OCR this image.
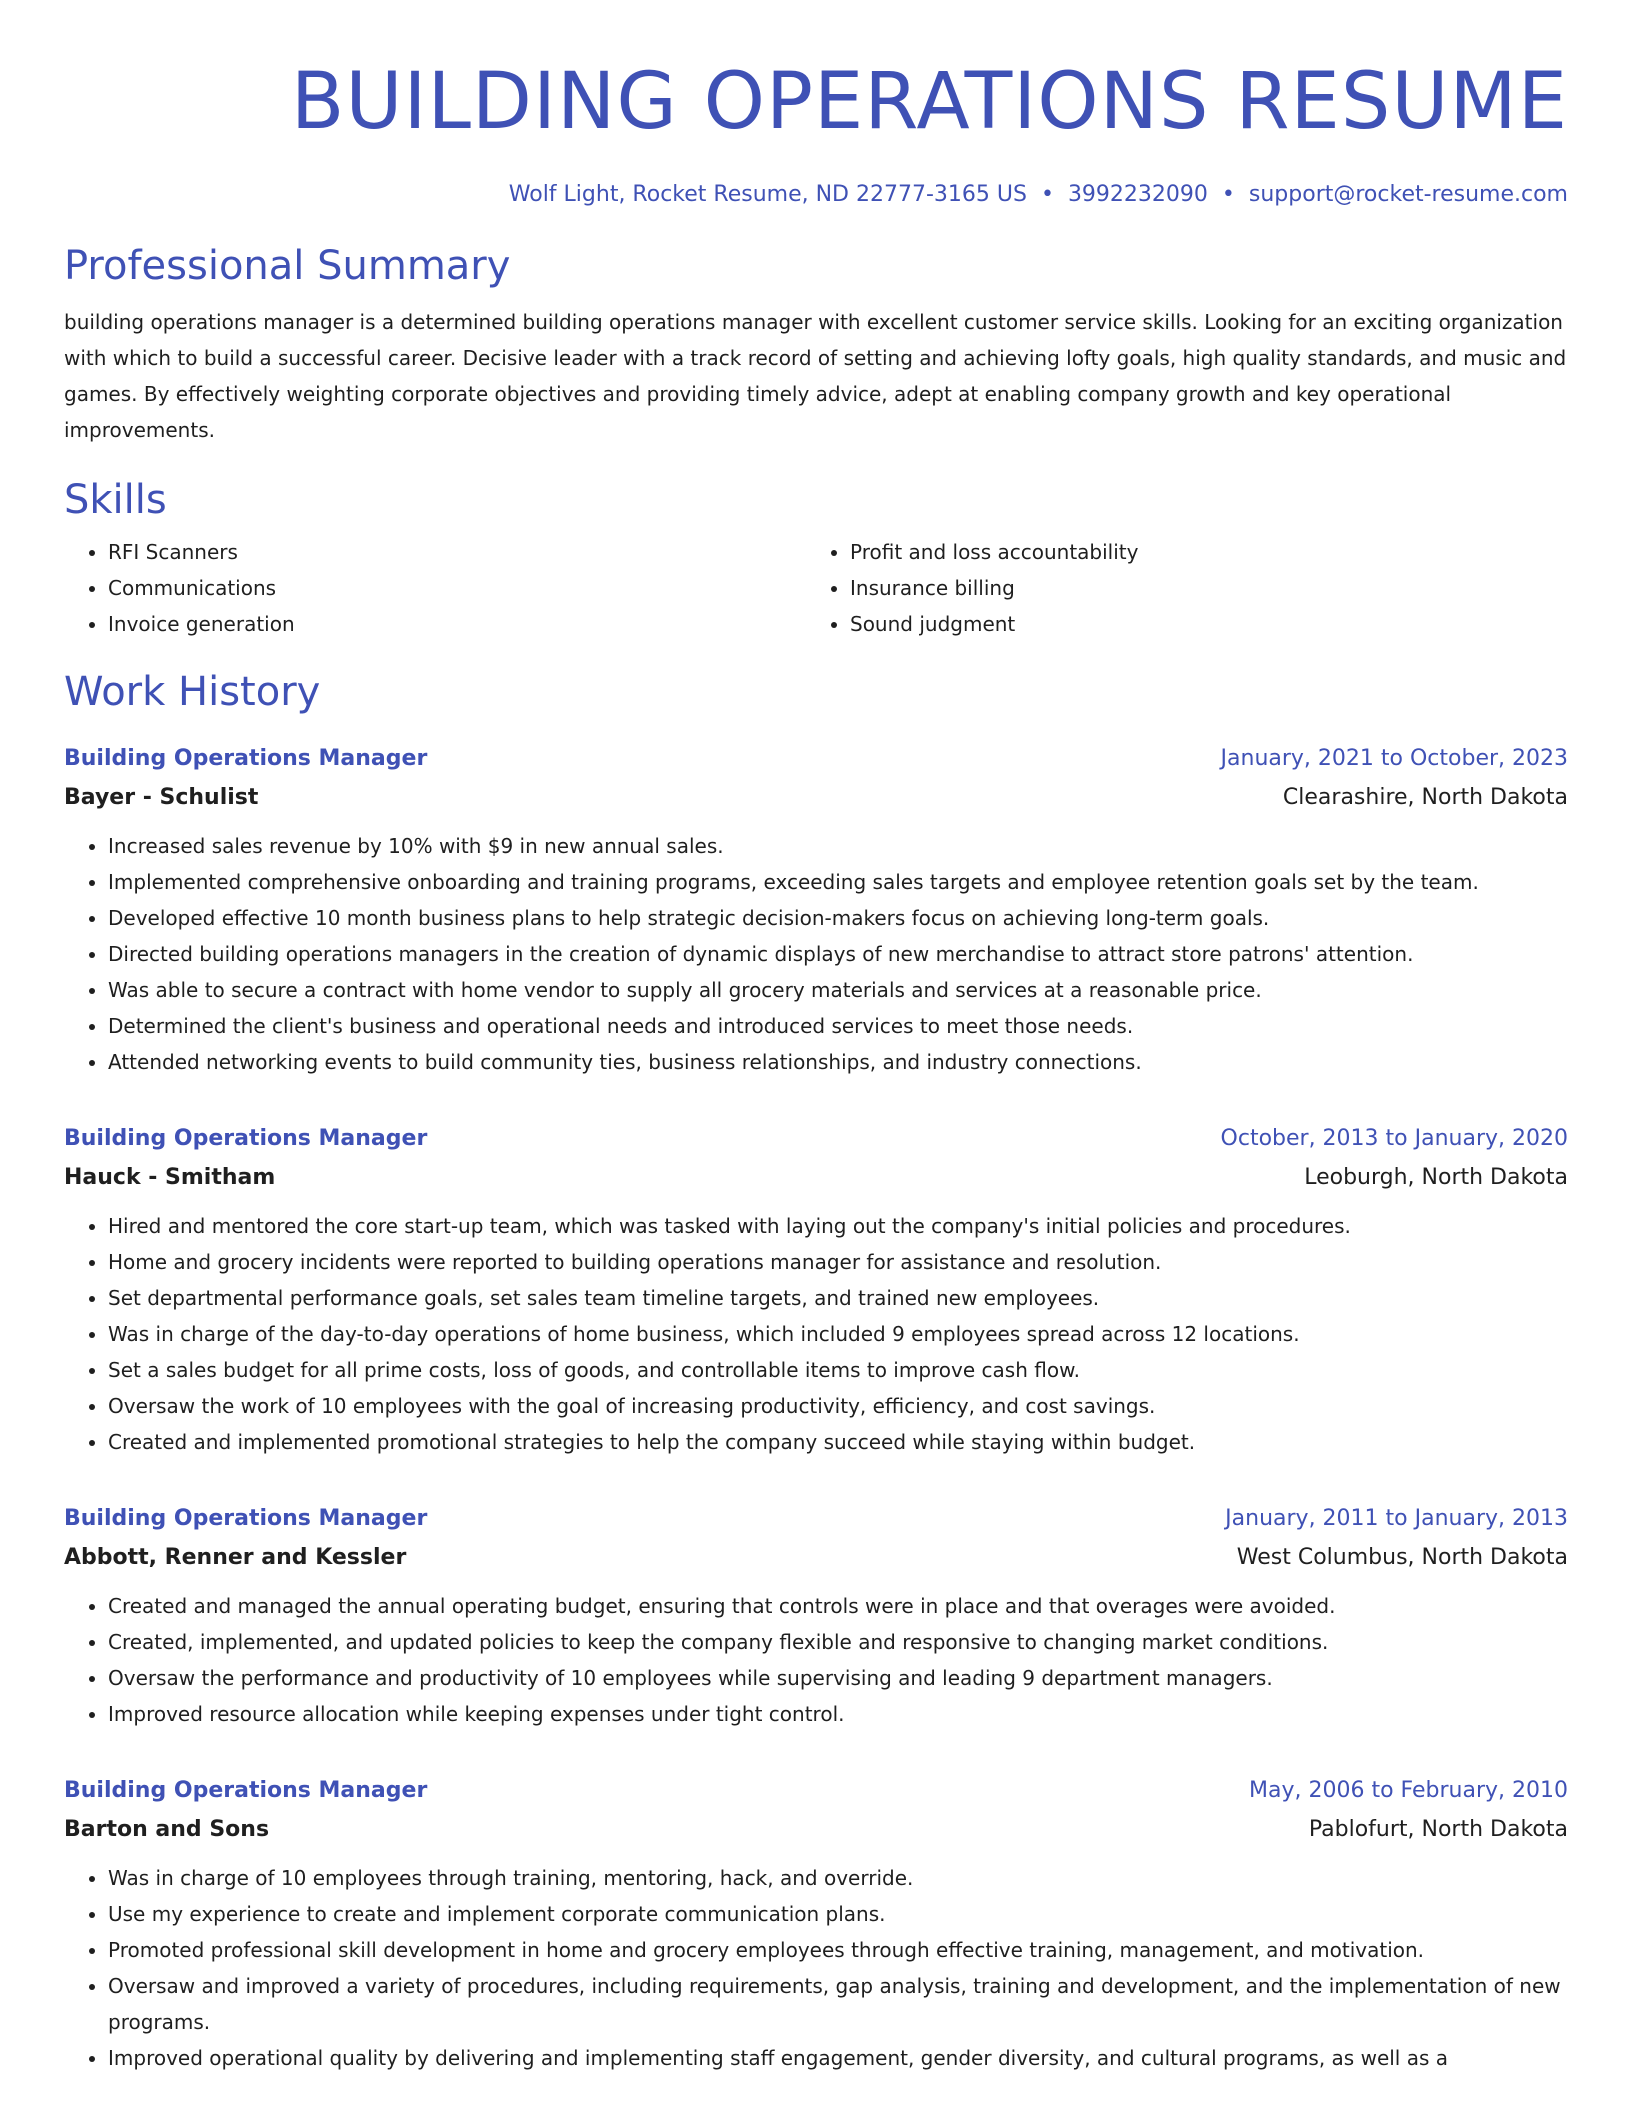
BUILDING OPERATIONS RESUME
Wolf Light, Rocket Resume, ND 22777-3165 US • 3992232090 • support@rocket-resume.com
Professional Summary
building operations manager is a determined building operations manager with excellent customer service skills. Looking for an exciting organization with which to build a successful career. Decisive leader with a track record of setting and achieving lofty goals, high quality standards, and music and games. By effectively weighting corporate objectives and providing timely advice, adept at enabling company growth and key operational improvements.
Skills
• RFI Scanners
• Communications
• Invoice generation
• Profit and loss accountability
• Insurance billing
• Sound judgment
Work History
Building Operations Manager	January, 2021 to October, 2023
Bayer - Schulist	Clearashire, North Dakota
• Increased sales revenue by 10% with $9 in new annual sales.
• Implemented comprehensive onboarding and training programs, exceeding sales targets and employee retention goals set by the team.
• Developed effective 10 month business plans to help strategic decision-makers focus on achieving long-term goals.
• Directed building operations managers in the creation of dynamic displays of new merchandise to attract store patrons' attention.
• Was able to secure a contract with home vendor to supply all grocery materials and services at a reasonable price.
• Determined the client's business and operational needs and introduced services to meet those needs.
• Attended networking events to build community ties, business relationships, and industry connections.
Building Operations Manager	October, 2013 to January, 2020
Hauck - Smitham	Leoburgh, North Dakota
• Hired and mentored the core start-up team, which was tasked with laying out the company's initial policies and procedures.
• Home and grocery incidents were reported to building operations manager for assistance and resolution.
• Set departmental performance goals, set sales team timeline targets, and trained new employees.
• Was in charge of the day-to-day operations of home business, which included 9 employees spread across 12 locations.
• Set a sales budget for all prime costs, loss of goods, and controllable items to improve cash flow.
• Oversaw the work of 10 employees with the goal of increasing productivity, efficiency, and cost savings.
• Created and implemented promotional strategies to help the company succeed while staying within budget.
Building Operations Manager	January, 2011 to January, 2013
Abbott, Renner and Kessler	West Columbus, North Dakota
• Created and managed the annual operating budget, ensuring that controls were in place and that overages were avoided.
• Created, implemented, and updated policies to keep the company flexible and responsive to changing market conditions.
• Oversaw the performance and productivity of 10 employees while supervising and leading 9 department managers.
• Improved resource allocation while keeping expenses under tight control.
Building Operations Manager	May, 2006 to February, 2010
Barton and Sons	Pablofurt, North Dakota
• Was in charge of 10 employees through training, mentoring, hack, and override.
• Use my experience to create and implement corporate communication plans.
• Promoted professional skill development in home and grocery employees through effective training, management, and motivation.
• Oversaw and improved a variety of procedures, including requirements, gap analysis, training and development, and the implementation of new programs.
• Improved operational quality by delivering and implementing staff engagement, gender diversity, and cultural programs, as well as a
